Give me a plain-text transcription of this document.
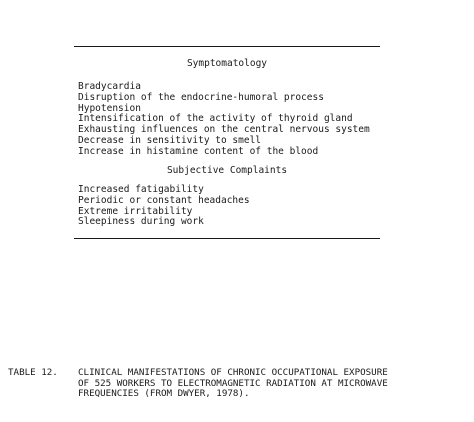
Symptomatology
Bradycardia
Disruption of the endocrine-humoral process
Hypotension
Intensification of the activity of thyroid gland
Exhausting influences on the central nervous system
Decrease in sensitivity to smell
Increase in histamine content of the blood
Subjective Complaints
Increased fatigability
Periodic or constant headaches
Extreme irritability
Sleepiness during work
TABLE 12. CLINICAL MANIFESTATIONS OF CHRONIC OCCUPATIONAL EXPOSURE
OF 525 WORKERS TO ELECTROMAGNETIC RADIATION AT MICROWAVE
FREQUENCIES (FROM DWYER, 1978).
